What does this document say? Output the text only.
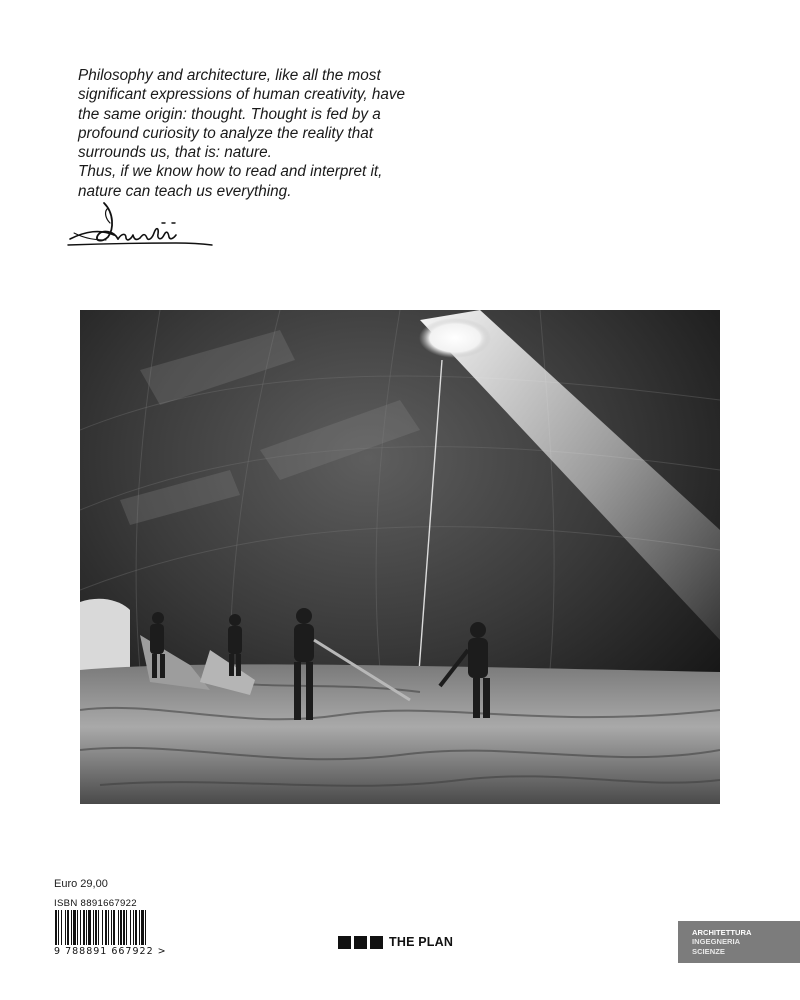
Philosophy and architecture, like all the most
significant expressions of human creativity, have
the same origin: thought. Thought is fed by a
profound curiosity to analyze the reality that
surrounds us, that is: nature.
Thus, if we know how to read and interpret it,
nature can teach us everything.
Euro 29,00
ISBN 8891667922
9 788891 667922 >
THE PLAN
ARCHITETTURA
INGEGNERIA
SCIENZE
